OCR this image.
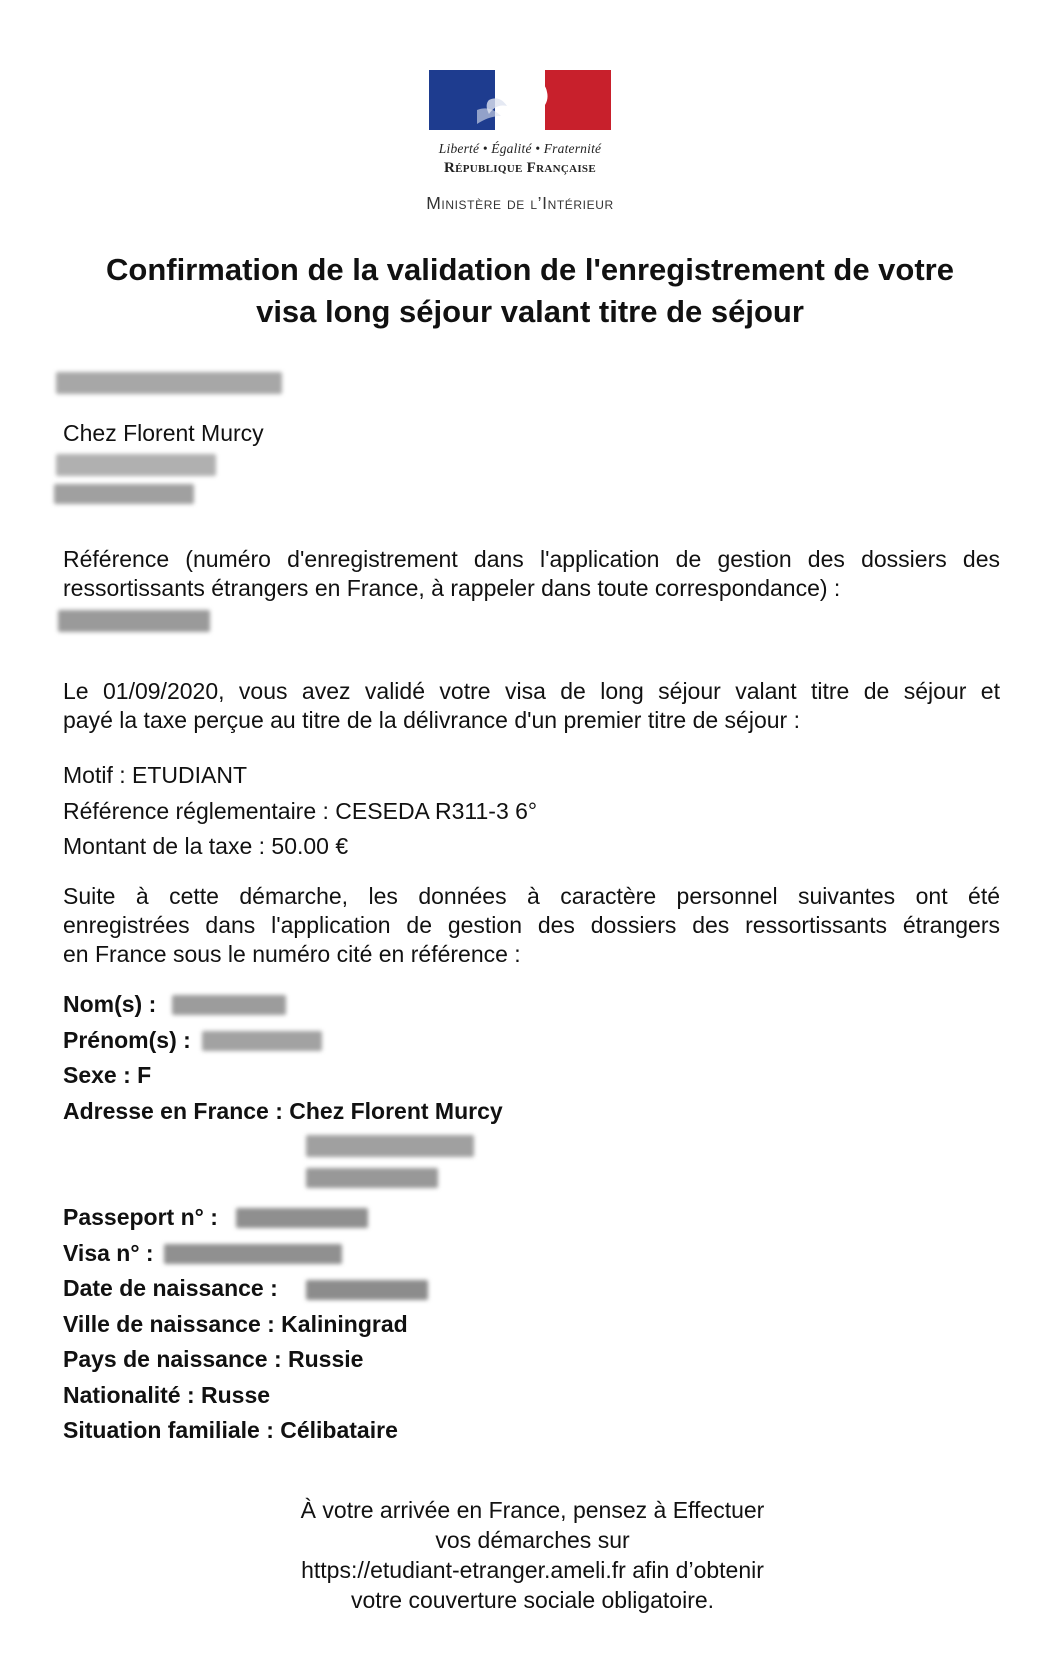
Liberté • Égalité • Fraternité
République Française
Ministère de l’Intérieur
Confirmation de la validation de l'enregistrement de votre
visa long séjour valant titre de séjour

Chez Florent Murcy

Référence (numéro d'enregistrement dans l'application de gestion des dossiers des
ressortissants étrangers en France, à rappeler dans toute correspondance) :
Le 01/09/2020, vous avez validé votre visa de long séjour valant titre de séjour et
payé la taxe perçue au titre de la délivrance d'un premier titre de séjour :

Motif : ETUDIANT

Référence réglementaire : CESEDA R311-3 6°

Montant de la taxe : 50.00 €

Suite à cette démarche, les données à caractère personnel suivantes ont été
enregistrées dans l'application de gestion des dossiers des ressortissants étrangers
en France sous le numéro cité en référence :

Nom(s) :

Prénom(s) :

Sexe : F

Adresse en France : Chez Florent Murcy

Passeport n° :

Visa n° :

Date de naissance :

Ville de naissance : Kaliningrad

Pays de naissance : Russie

Nationalité : Russe

Situation familiale : Célibataire

À votre arrivée en France, pensez à Effectuer
vos démarches sur
https://etudiant-etranger.ameli.fr afin d’obtenir
votre couverture sociale obligatoire.
